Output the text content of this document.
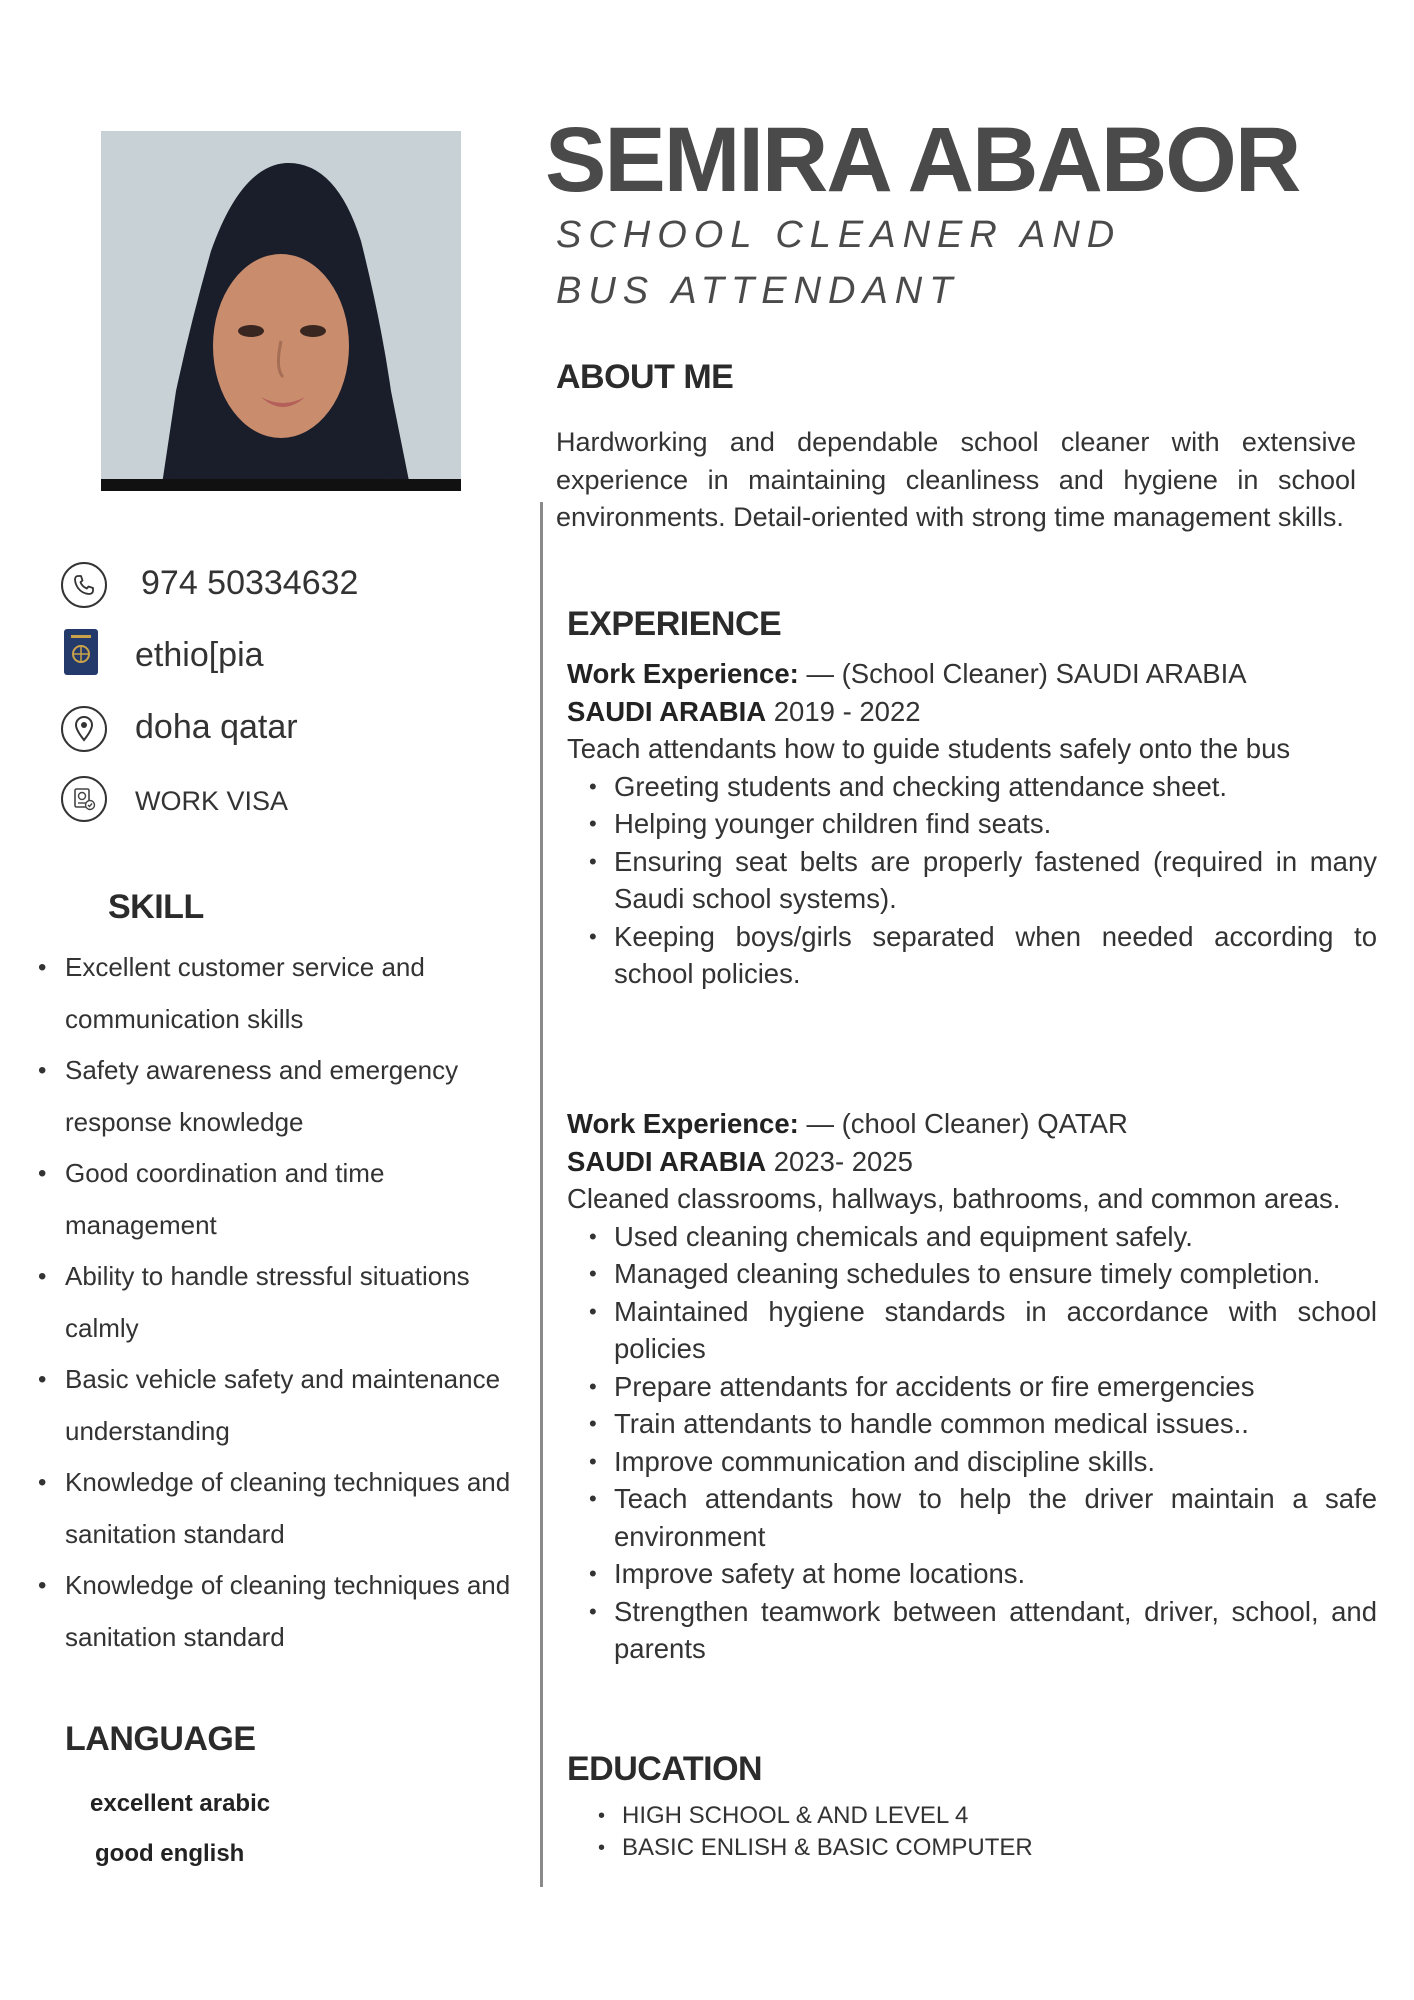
SEMIRA ABABOR
SCHOOL CLEANER AND BUS ATTENDANT
ABOUT ME
Hardworking and dependable school cleaner with extensive experience in maintaining cleanliness and hygiene in school environments. Detail-oriented with strong time management skills.
974 50334632
ethio[pia
doha qatar
WORK VISA
SKILL
• Excellent customer service and communication skills
• Safety awareness and emergency response knowledge
• Good coordination and time management
• Ability to handle stressful situations calmly
• Basic vehicle safety and maintenance understanding
• Knowledge of cleaning techniques and sanitation standard
• Knowledge of cleaning techniques and sanitation standard
LANGUAGE
excellent arabic
good english
EXPERIENCE
Work Experience: — (School Cleaner) SAUDI ARABIA
SAUDI ARABIA 2019 - 2022
Teach attendants how to guide students safely onto the bus
• Greeting students and checking attendance sheet.
• Helping younger children find seats.
• Ensuring seat belts are properly fastened (required in many Saudi school systems).
• Keeping boys/girls separated when needed according to school policies.
Work Experience: — (chool Cleaner) QATAR
SAUDI ARABIA 2023- 2025
Cleaned classrooms, hallways, bathrooms, and common areas.
• Used cleaning chemicals and equipment safely.
• Managed cleaning schedules to ensure timely completion.
• Maintained hygiene standards in accordance with school policies
• Prepare attendants for accidents or fire emergencies
• Train attendants to handle common medical issues..
• Improve communication and discipline skills.
• Teach attendants how to help the driver maintain a safe environment
• Improve safety at home locations.
• Strengthen teamwork between attendant, driver, school, and parents
EDUCATION
• HIGH SCHOOL & AND LEVEL 4
• BASIC ENLISH & BASIC COMPUTER
